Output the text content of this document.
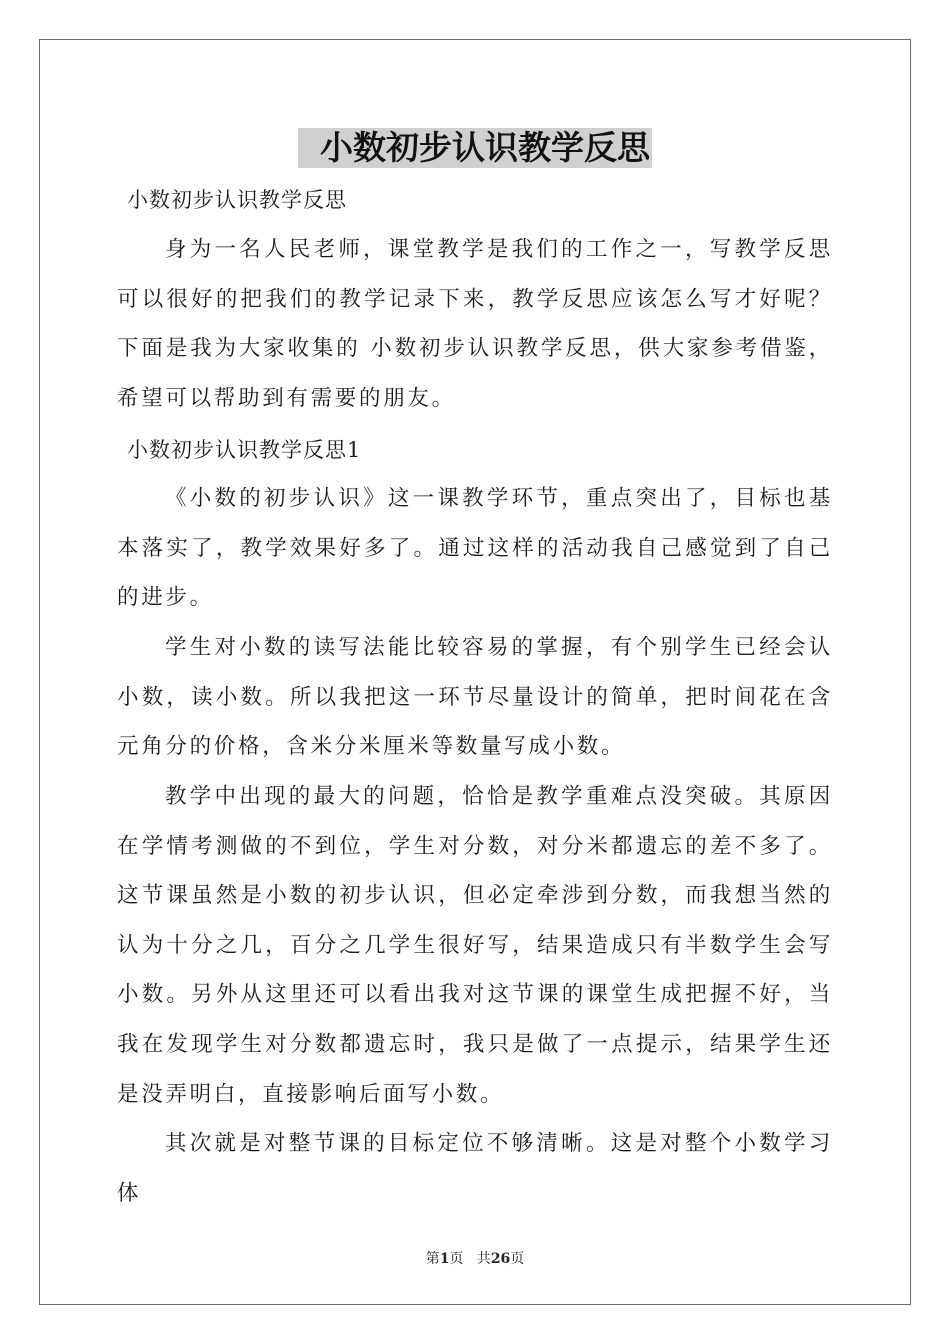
小数初步认识教学反思
小数初步认识教学反思

身为一名人民老师，课堂教学是我们的工作之一，写教学反思可以很好的把我们的教学记录下来，教学反思应该怎么写才好呢？下面是我为大家收集的 小数初步认识教学反思，供大家参考借鉴，希望可以帮助到有需要的朋友。

小数初步认识教学反思1

《小数的初步认识》这一课教学环节，重点突出了，目标也基本落实了，教学效果好多了。通过这样的活动我自己感觉到了自己的进步。

学生对小数的读写法能比较容易的掌握，有个别学生已经会认小数，读小数。所以我把这一环节尽量设计的简单，把时间花在含元角分的价格，含米分米厘米等数量写成小数。

教学中出现的最大的问题，恰恰是教学重难点没突破。其原因在学情考测做的不到位，学生对分数，对分米都遗忘的差不多了。这节课虽然是小数的初步认识，但必定牵涉到分数，而我想当然的认为十分之几，百分之几学生很好写，结果造成只有半数学生会写小数。另外从这里还可以看出我对这节课的课堂生成把握不好，当我在发现学生对分数都遗忘时，我只是做了一点提示，结果学生还是没弄明白，直接影响后面写小数。

其次就是对整节课的目标定位不够清晰。这是对整个小数学习体

第1页 共26页
